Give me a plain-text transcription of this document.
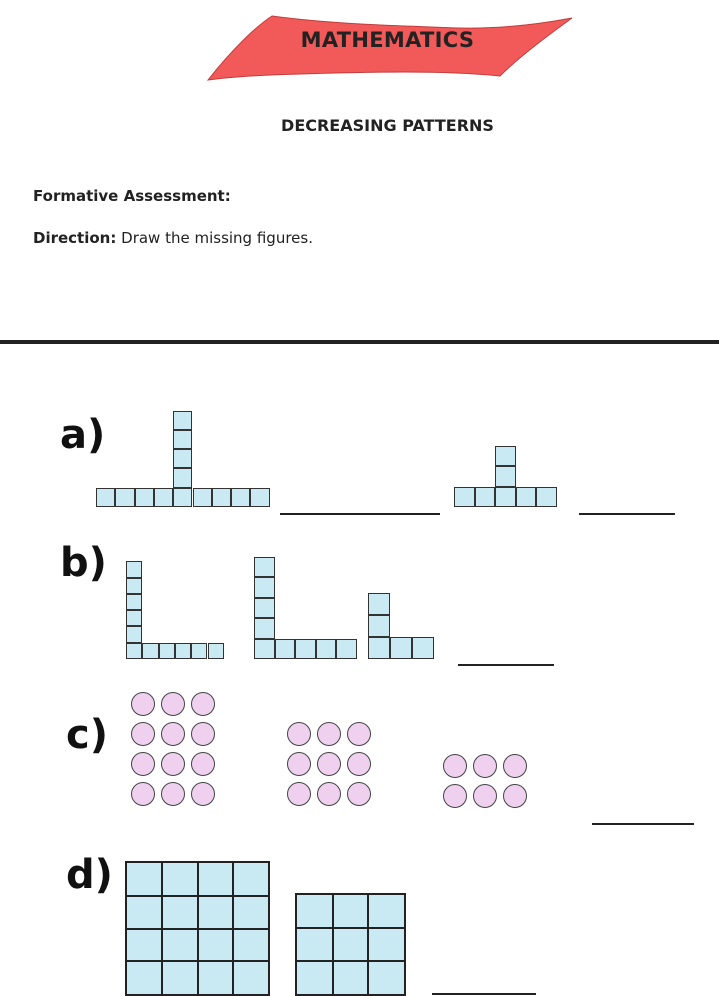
MATHEMATICS
DECREASING PATTERNS
Formative Assessment:
Direction: Draw the missing figures.
a)
b)
c)
d)
